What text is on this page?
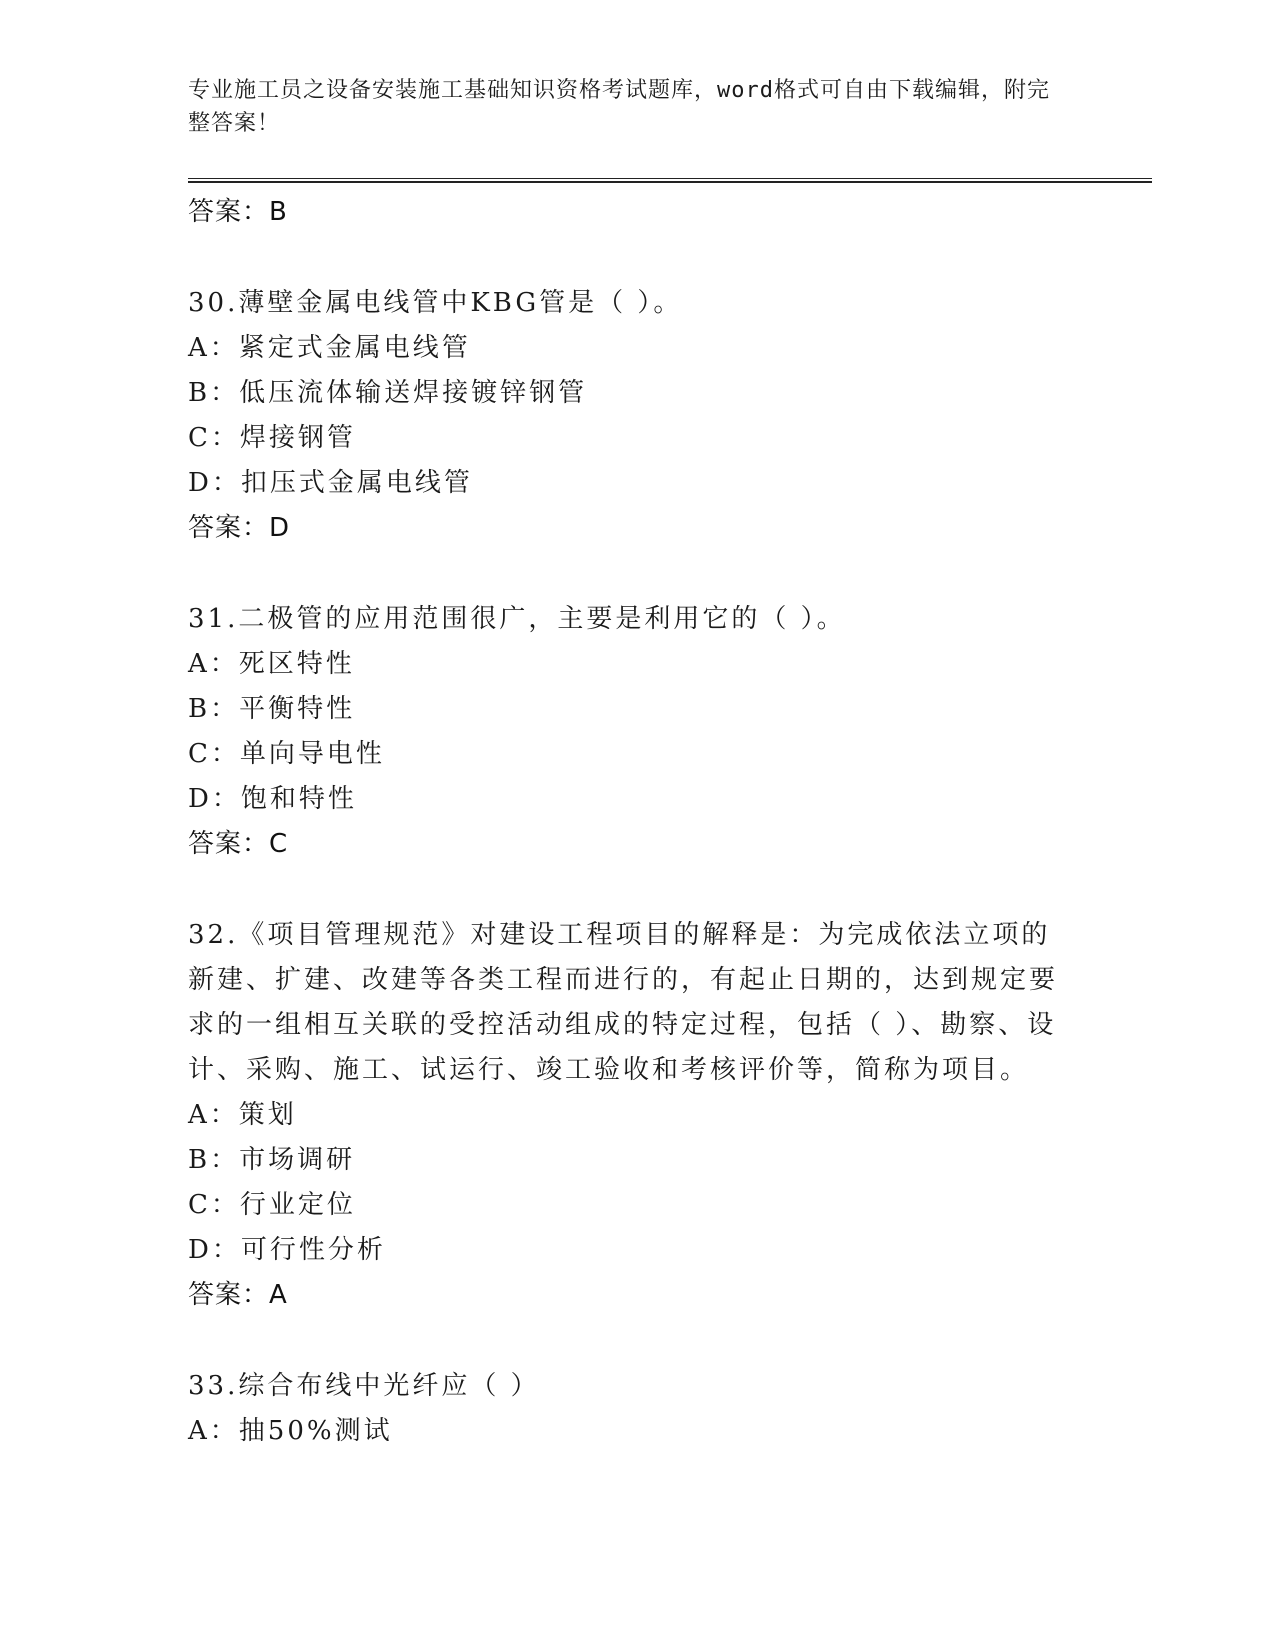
专业施工员之设备安装施工基础知识资格考试题库，word格式可自由下载编辑，附完整答案！
答案：B
30.薄壁金属电线管中KBG管是（ ）。
A：紧定式金属电线管
B：低压流体输送焊接镀锌钢管
C：焊接钢管
D：扣压式金属电线管
答案：D
31.二极管的应用范围很广，主要是利用它的（ ）。
A：死区特性
B：平衡特性
C：单向导电性
D：饱和特性
答案：C
32.《项目管理规范》对建设工程项目的解释是：为完成依法立项的新建、扩建、改建等各类工程而进行的，有起止日期的，达到规定要求的一组相互关联的受控活动组成的特定过程，包括（ ）、勘察、设计、采购、施工、试运行、竣工验收和考核评价等，简称为项目。
A：策划
B：市场调研
C：行业定位
D：可行性分析
答案：A
33.综合布线中光纤应（ ）
A：抽50%测试
